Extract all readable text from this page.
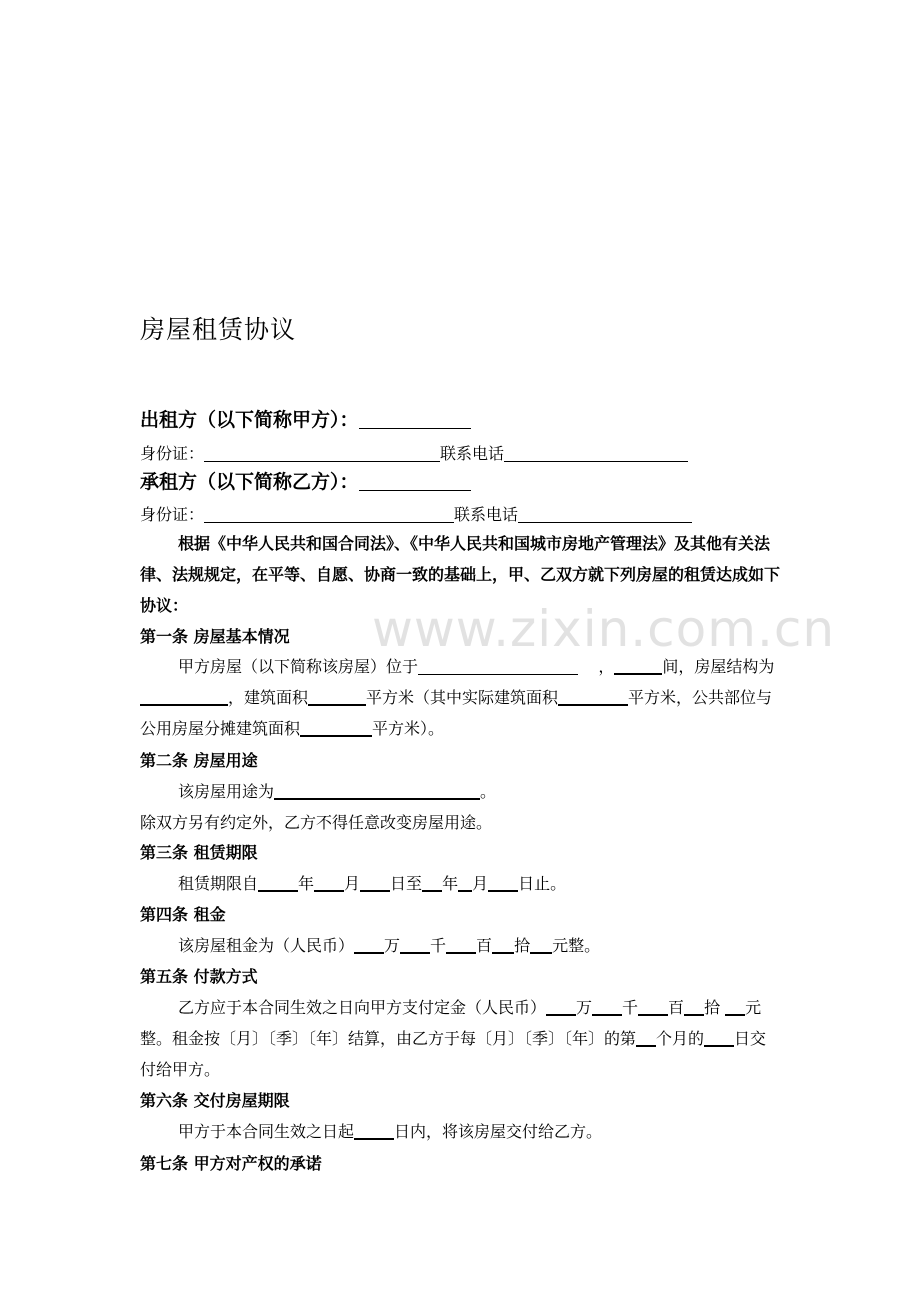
www.zixin.com.cn
房屋租赁协议
出租方（以下简称甲方）：
身份证：	联系电话
承租方（以下简称乙方）：
身份证：	联系电话
根据《中华人民共和国合同法》、《中华人民共和国城市房地产管理法》及其他有关法律、法规规定，在平等、自愿、协商一致的基础上，甲、乙双方就下列房屋的租赁达成如下协议：
第一条 房屋基本情况
甲方房屋（以下简称该房屋）位于	，	间，房屋结构为，建筑面积	平方米（其中实际建筑面积	平方米，公共部位与公用房屋分摊建筑面积	平方米）。
第二条 房屋用途
该房屋用途为	。
除双方另有约定外，乙方不得任意改变房屋用途。
第三条 租赁期限
租赁期限自	年 月 日至 年 月 日止。
第四条 租金
该房屋租金为（人民币） 万 千 百 拾 元整。
第五条 付款方式
乙方应于本合同生效之日向甲方支付定金（人民币） 万 千 百 拾 元整。租金按〔月〕〔季〕〔年〕结算，由乙方于每〔月〕〔季〕〔年〕的第 个月的 日交付给甲方。
第六条 交付房屋期限
甲方于本合同生效之日起	日内，将该房屋交付给乙方。
第七条 甲方对产权的承诺
